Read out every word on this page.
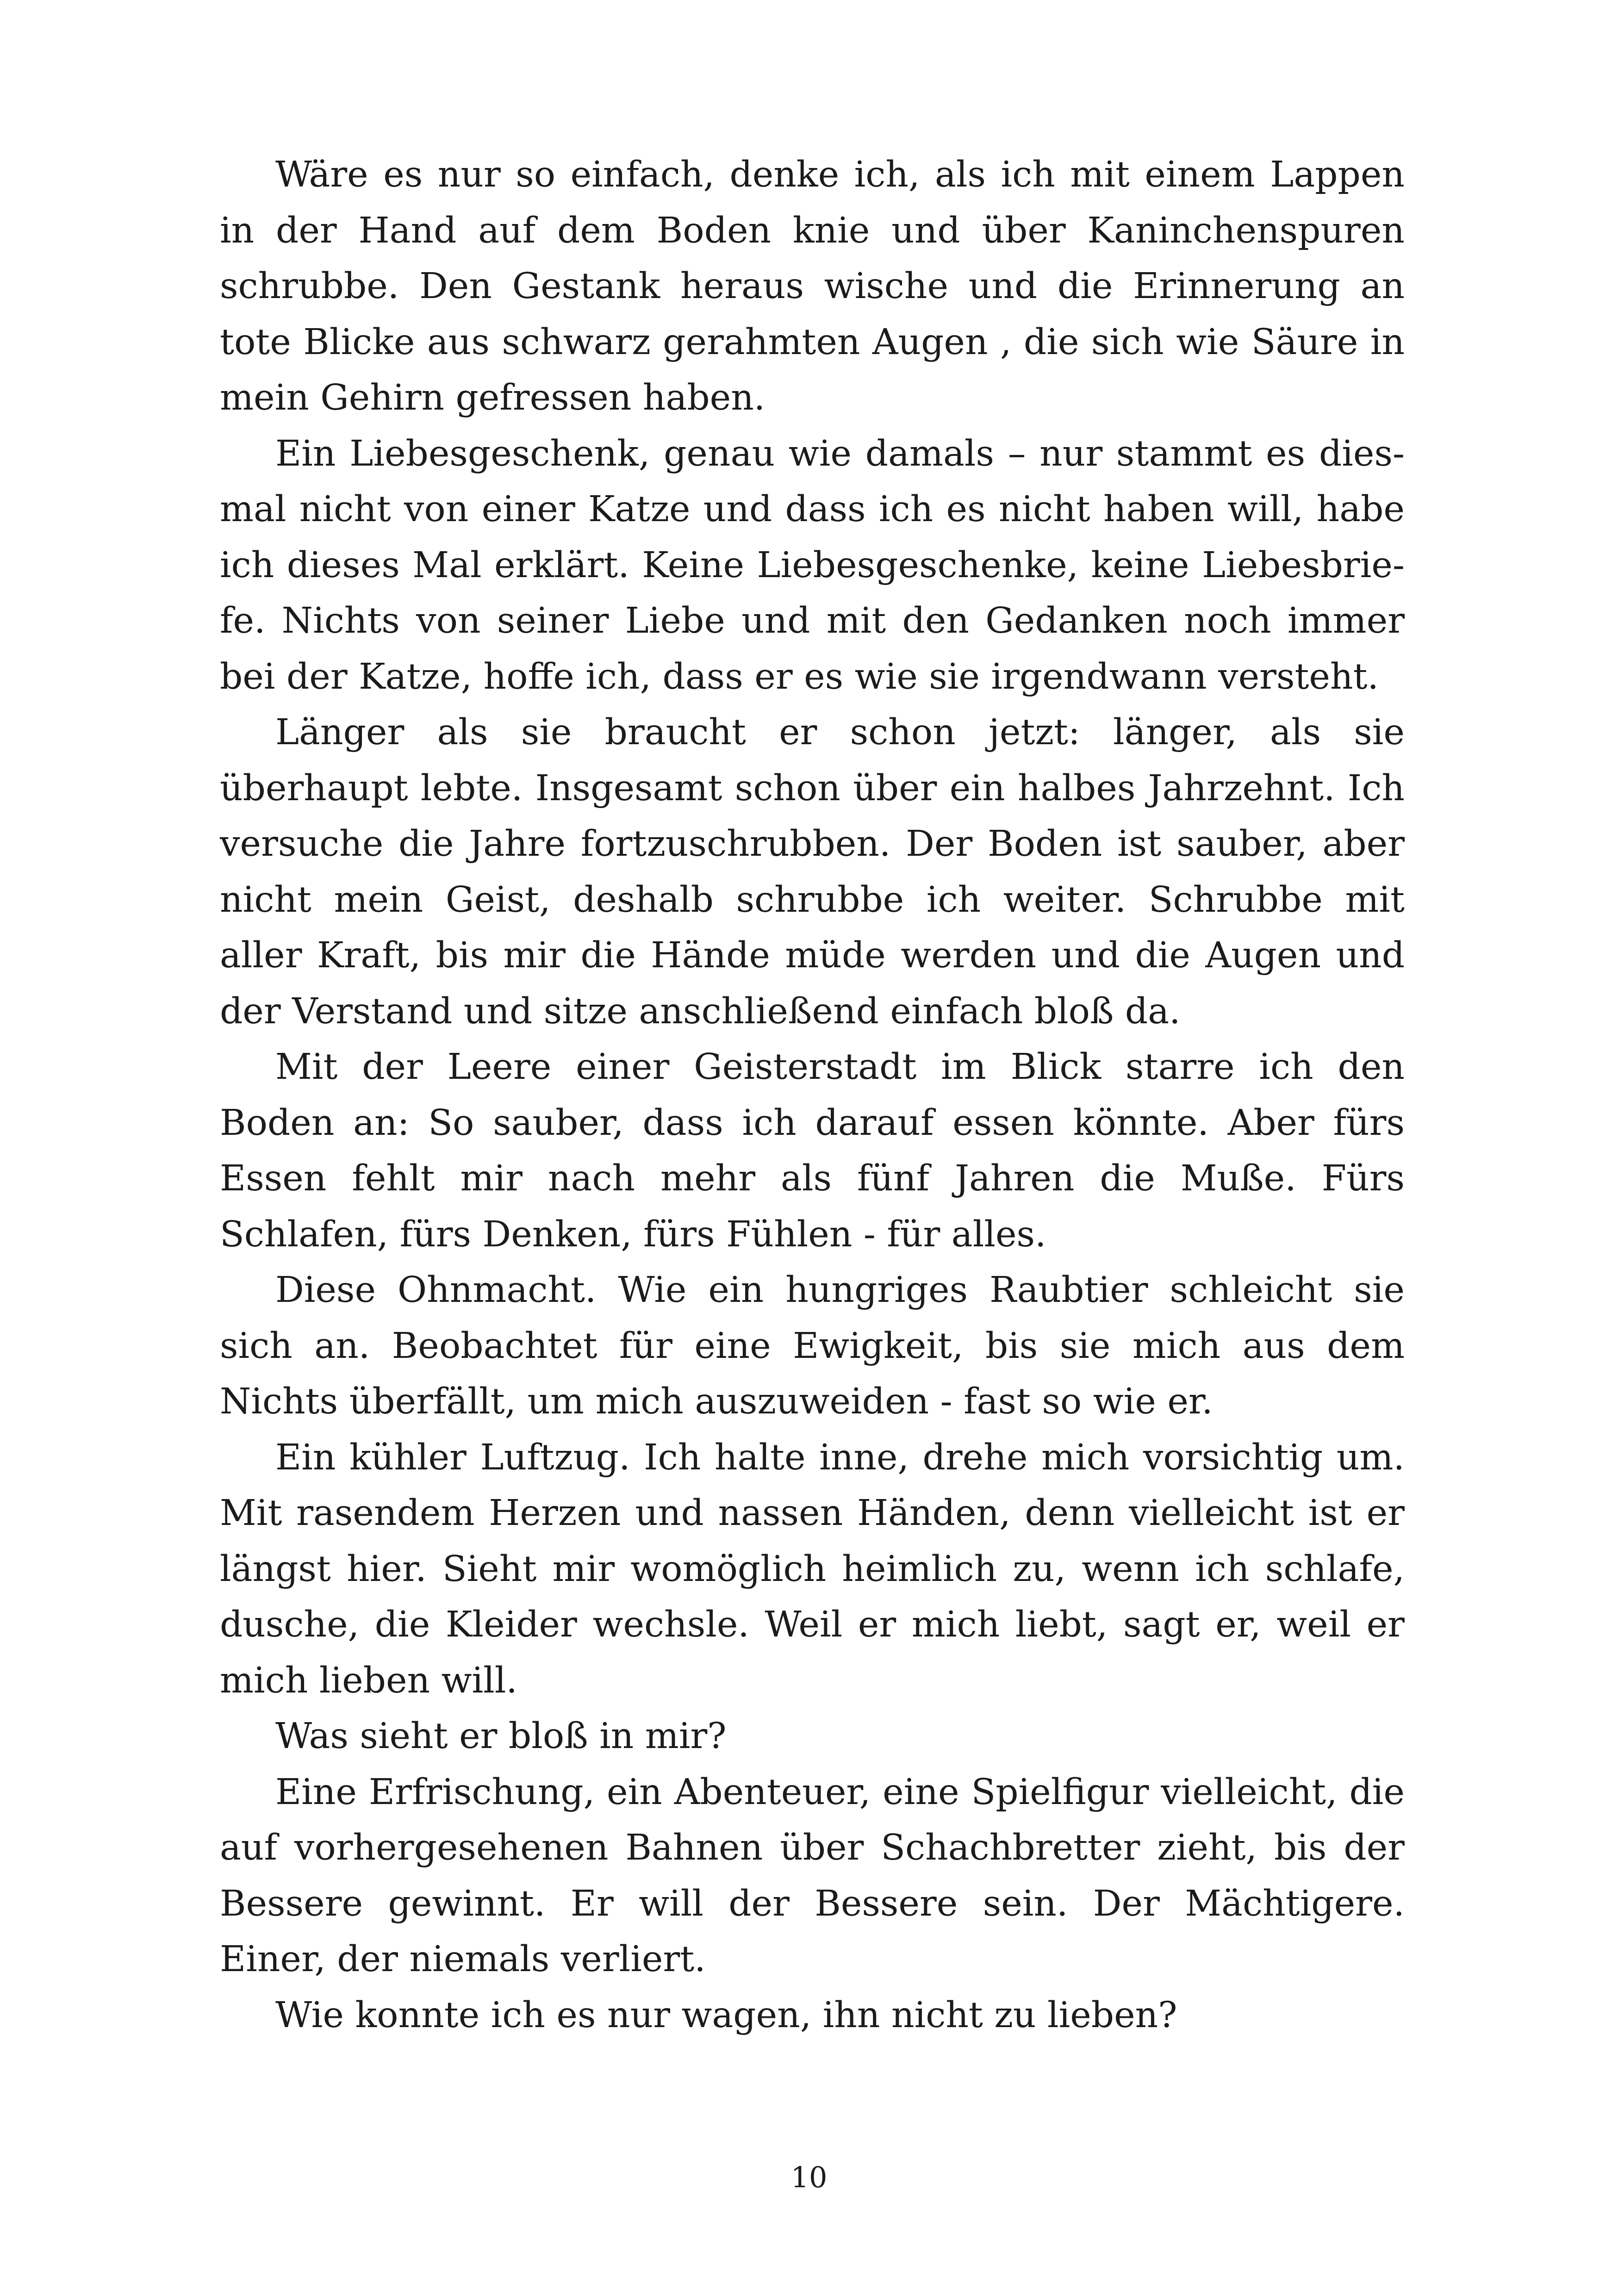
Wäre es nur so einfach, denke ich, als ich mit einem Lappen in der Hand auf dem Boden knie und über Kaninchenspuren schrubbe. Den Gestank heraus wische und die Erinnerung an tote Blicke aus schwarz gerahmten Augen , die sich wie Säure in mein Gehirn gefressen haben.

Ein Liebesgeschenk, genau wie damals – nur stammt es diesmal nicht von einer Katze und dass ich es nicht haben will, habe ich dieses Mal erklärt. Keine Liebesgeschenke, keine Liebesbriefe. Nichts von seiner Liebe und mit den Gedanken noch immer bei der Katze, hoffe ich, dass er es wie sie irgendwann versteht.

Länger als sie braucht er schon jetzt: länger, als sie überhaupt lebte. Insgesamt schon über ein halbes Jahrzehnt. Ich versuche die Jahre fortzuschrubben. Der Boden ist sauber, aber nicht mein Geist, deshalb schrubbe ich weiter. Schrubbe mit aller Kraft, bis mir die Hände müde werden und die Augen und der Verstand und sitze anschließend einfach bloß da.

Mit der Leere einer Geisterstadt im Blick starre ich den Boden an: So sauber, dass ich darauf essen könnte. Aber fürs Essen fehlt mir nach mehr als fünf Jahren die Muße. Fürs Schlafen, fürs Denken, fürs Fühlen - für alles.

Diese Ohnmacht. Wie ein hungriges Raubtier schleicht sie sich an. Beobachtet für eine Ewigkeit, bis sie mich aus dem Nichts überfällt, um mich auszuweiden - fast so wie er.

Ein kühler Luftzug. Ich halte inne, drehe mich vorsichtig um. Mit rasendem Herzen und nassen Händen, denn vielleicht ist er längst hier. Sieht mir womöglich heimlich zu, wenn ich schlafe, dusche, die Kleider wechsle. Weil er mich liebt, sagt er, weil er mich lieben will.

Was sieht er bloß in mir?

Eine Erfrischung, ein Abenteuer, eine Spielfigur vielleicht, die auf vorhergesehenen Bahnen über Schachbretter zieht, bis der Bessere gewinnt. Er will der Bessere sein. Der Mächtigere. Einer, der niemals verliert.

Wie konnte ich es nur wagen, ihn nicht zu lieben?

10
